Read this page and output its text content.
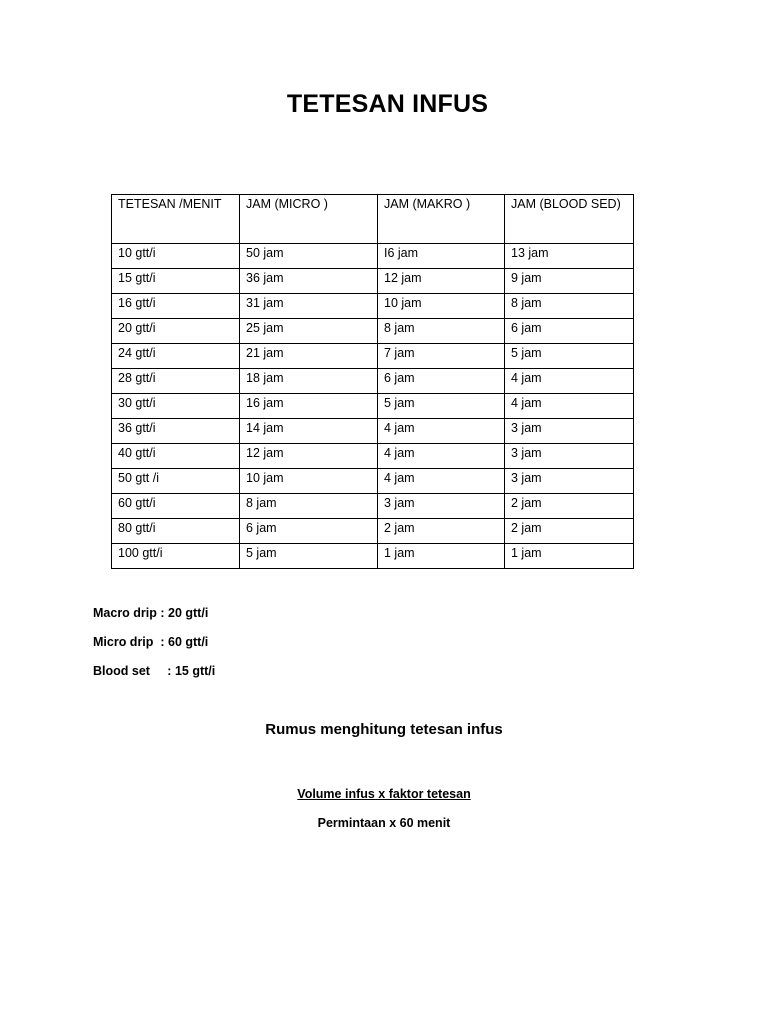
TETESAN INFUS
TETESAN /MENIT	JAM (MICRO )	JAM (MAKRO )	JAM (BLOOD SED)
10 gtt/i	50 jam	I6 jam	13 jam
15 gtt/i	36 jam	12 jam	9 jam
16 gtt/i	31 jam	10 jam	8 jam
20 gtt/i	25 jam	8 jam	6 jam
24 gtt/i	21 jam	7 jam	5 jam
28 gtt/i	18 jam	6 jam	4 jam
30 gtt/i	16 jam	5 jam	4 jam
36 gtt/i	14 jam	4 jam	3 jam
40 gtt/i	12 jam	4 jam	3 jam
50 gtt /i	10 jam	4 jam	3 jam
60 gtt/i	8 jam	3 jam	2 jam
80 gtt/i	6 jam	2 jam	2 jam
100 gtt/i	5 jam	1 jam	1 jam
Macro drip : 20 gtt/i
Micro drip  : 60 gtt/i
Blood set     : 15 gtt/i
Rumus menghitung tetesan infus
Volume infus x faktor tetesan
Permintaan x 60 menit
